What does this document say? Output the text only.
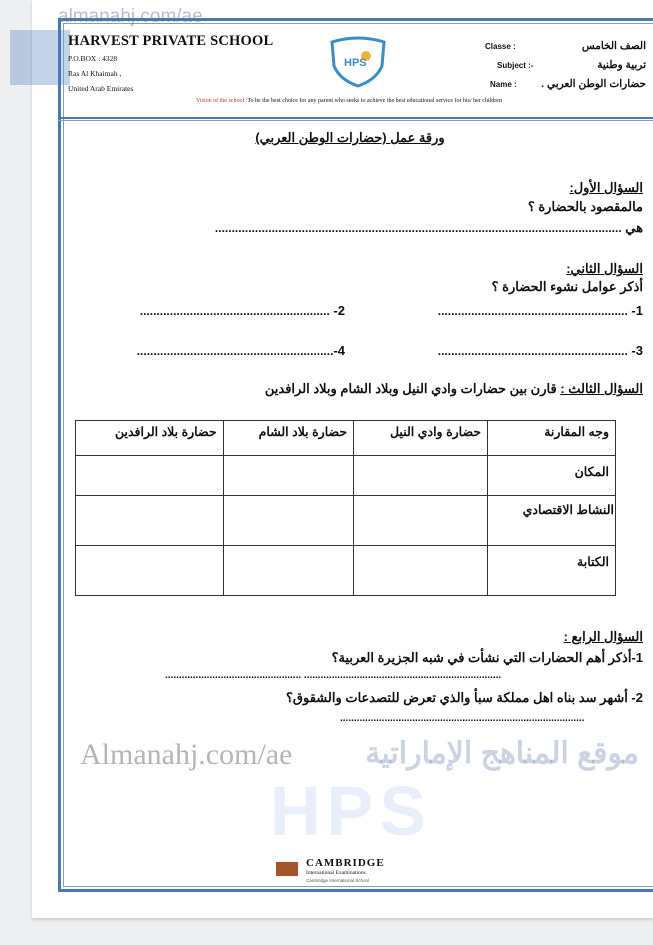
almanahj.com/ae
HARVEST PRIVATE SCHOOL
P.O.BOX : 4328
Ras Al Khaimah ,
United Arab Emirates
Vision of the school :To be the best choice for any parent who seeks to achieve the best educational service for his/ her children
HPS
Classe :	الصف الخامس
Subject :-	تربية وطنية
Name :	حضارات الوطن العربي .
ورقة عمل (حضارات الوطن العربي)
السؤال الأول:
مالمقصود بالحضارة ؟
هي ..........................................................................................................................
السؤال الثاني:
أذكر عوامل نشوء الحضارة ؟
1- .........................................................
2- .........................................................
3- .........................................................
4-...........................................................
السؤال الثالث : قارن بين حضارات وادي النيل وبلاد الشام وبلاد الرافدين
وجه المقارنة	حضارة وادي النيل	حضارة بلاد الشام	حضارة بلاد الرافدين
المكان			
النشاط الاقتصادي			
الكتابة			
السؤال الرابع :
1-أذكر أهم الحضارات التي نشأت في شبه الجزيرة العربية؟
................................................. .......................................................................
2- أشهر سد بناه اهل مملكة سبأ والذي تعرض للتصدعات والشقوق؟
........................................................................................
Almanahj.com/ae موقع المناهج الإماراتية
HPS
CAMBRIDGE
International Examinations
Cambridge International School
